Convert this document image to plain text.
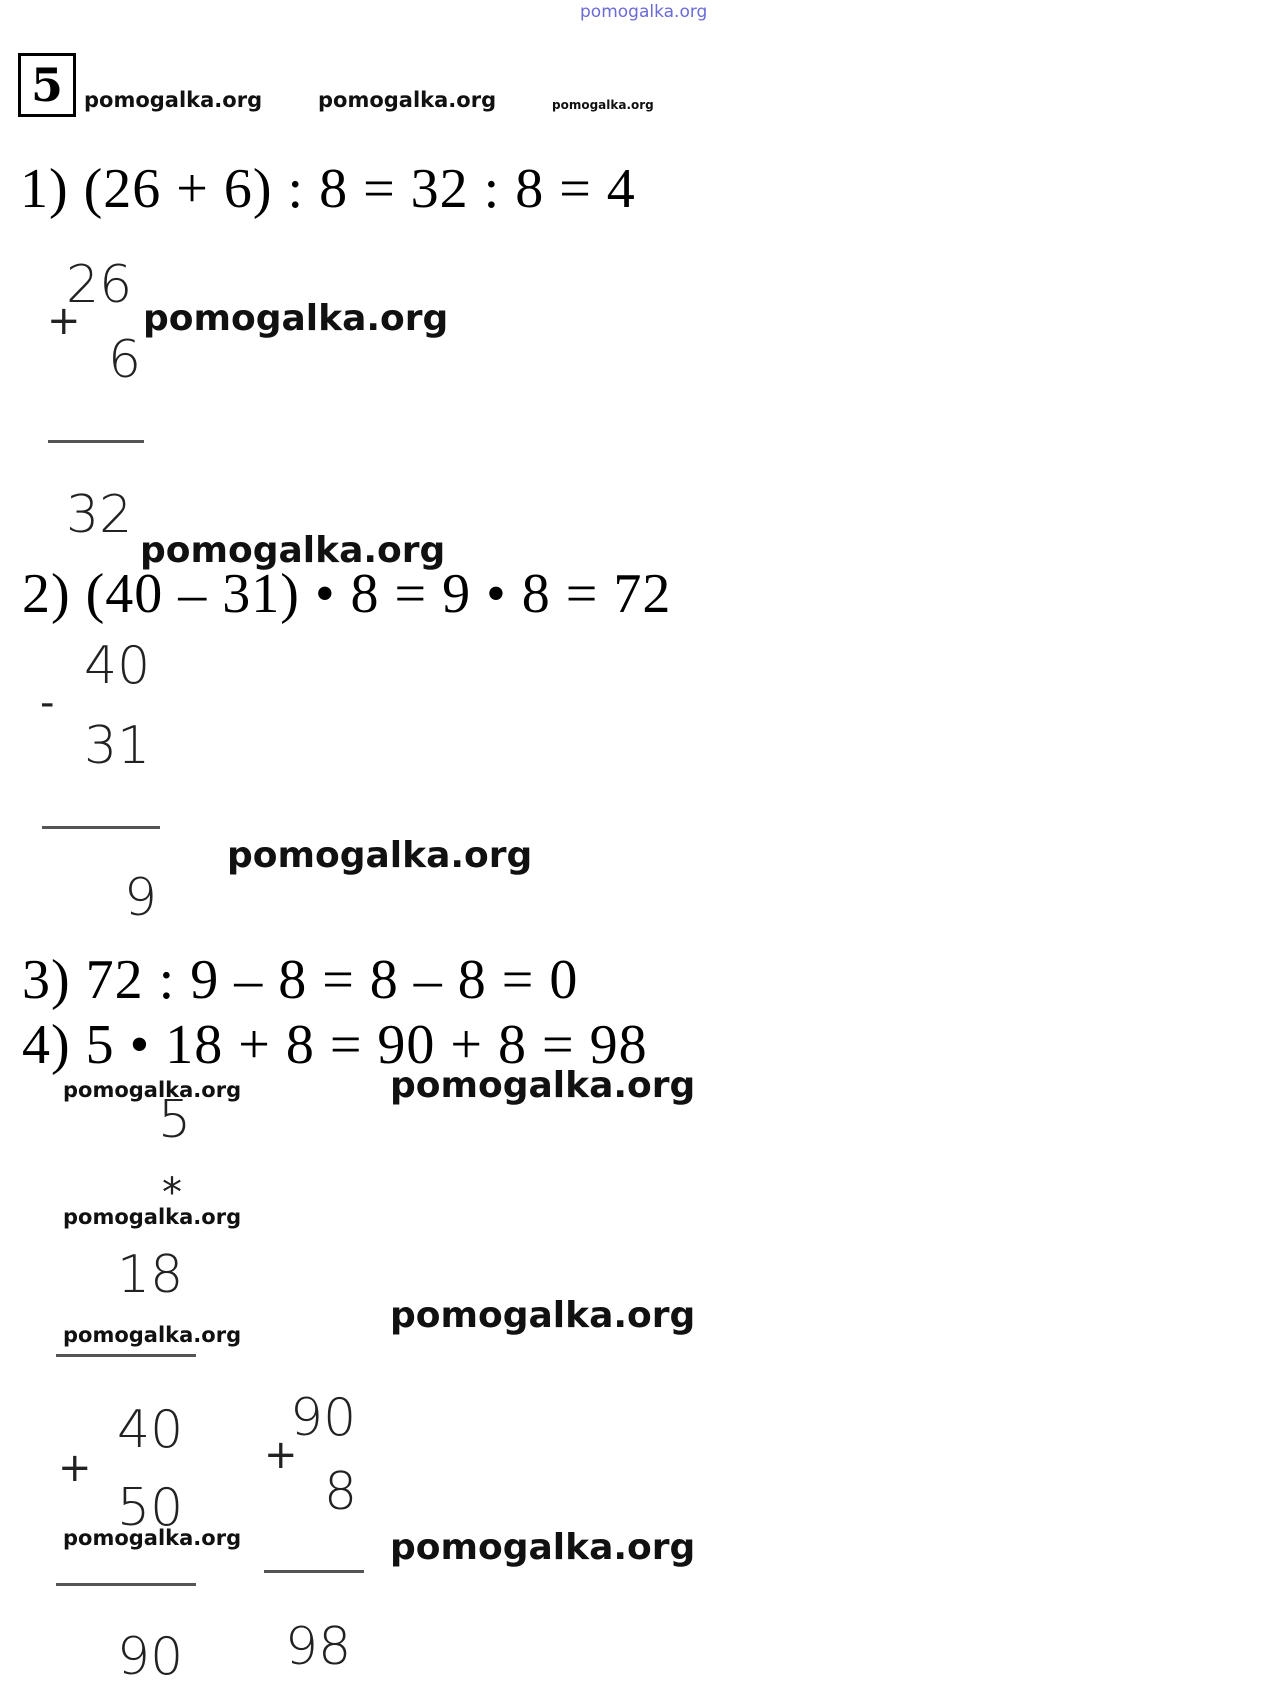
pomogalka.org
5	pomogalka.org	pomogalka.org	pomogalka.org
1) (26 + 6) : 8 = 32 : 8 = 4
26
+
6
32
pomogalka.org
pomogalka.org
2) (40 – 31) • 8 = 9 • 8 = 72
40
-
31
9
pomogalka.org
3) 72 : 9 – 8 = 8 – 8 = 0
4) 5 • 18 + 8 = 90 + 8 = 98
pomogalka.org	pomogalka.org
5
*
pomogalka.org
18
pomogalka.org	pomogalka.org
40
+
50
pomogalka.org
90
90
+
8
98
pomogalka.org
